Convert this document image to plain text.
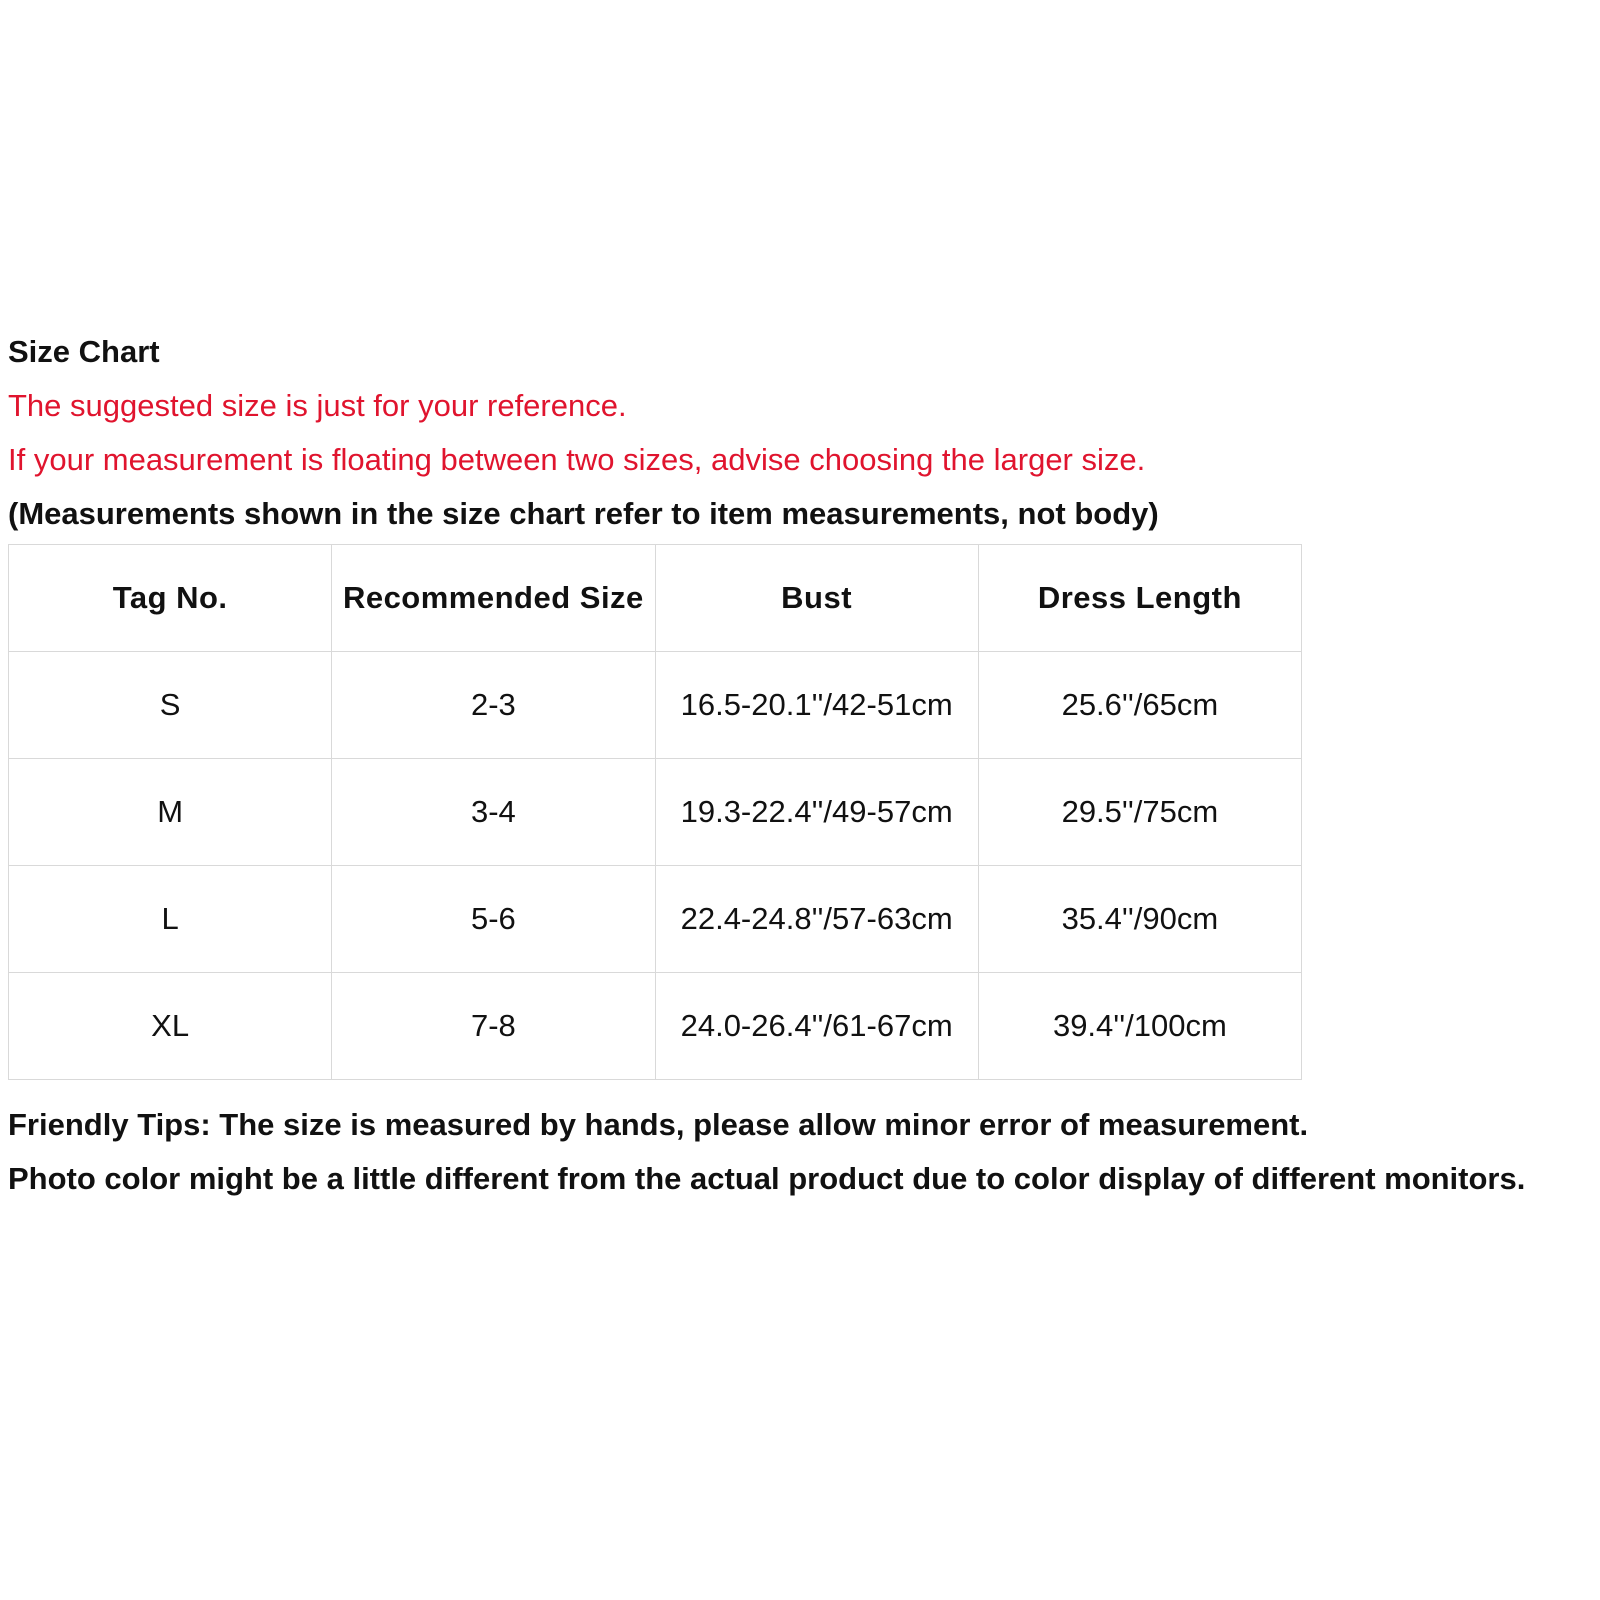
Size Chart
The suggested size is just for your reference.
If your measurement is floating between two sizes, advise choosing the larger size.
(Measurements shown in the size chart refer to item measurements, not body)
Tag No.	Recommended Size	Bust	Dress Length
S	2-3	16.5-20.1''/42-51cm	25.6''/65cm
M	3-4	19.3-22.4''/49-57cm	29.5''/75cm
L	5-6	22.4-24.8''/57-63cm	35.4''/90cm
XL	7-8	24.0-26.4''/61-67cm	39.4''/100cm
Friendly Tips: The size is measured by hands, please allow minor error of measurement.
Photo color might be a little different from the actual product due to color display of different monitors.
